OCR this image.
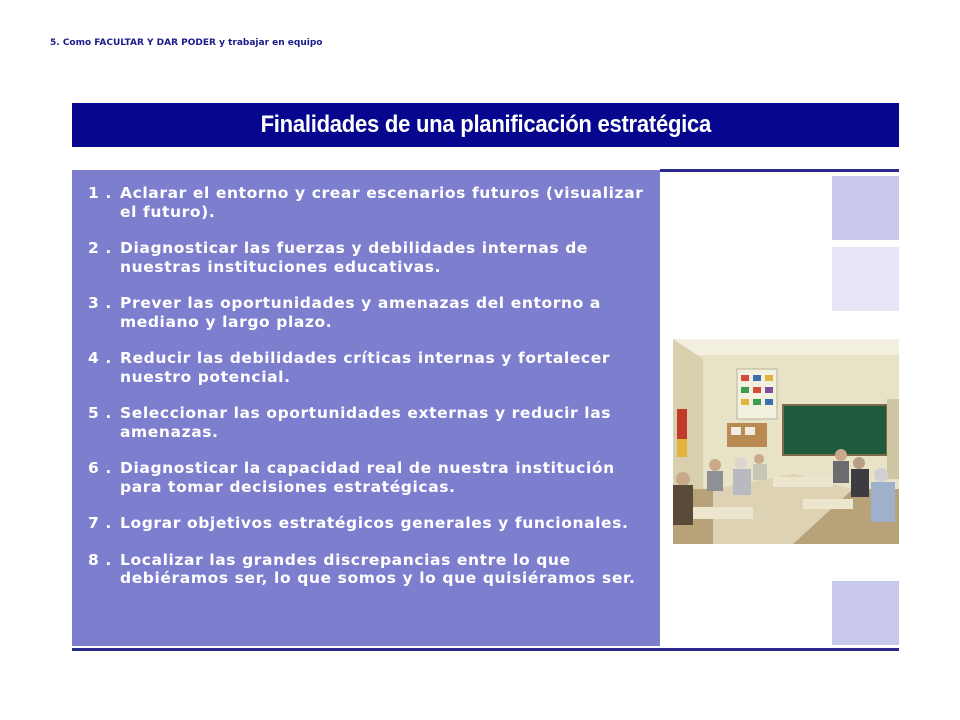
5. Como FACULTAR Y DAR PODER y trabajar en equipo
Finalidades de una planificación estratégica
1 . Aclarar el entorno y crear escenarios futuros (visualizar el futuro).
2 . Diagnosticar las fuerzas y debilidades internas de nuestras instituciones educativas.
3 . Prever las oportunidades y amenazas del entorno a mediano y largo plazo.
4 . Reducir las debilidades críticas internas y fortalecer nuestro potencial.
5 . Seleccionar las oportunidades externas y reducir las amenazas.
6 . Diagnosticar la capacidad real de nuestra institución para tomar decisiones estratégicas.
7 . Lograr objetivos estratégicos generales y funcionales.
8 . Localizar las grandes discrepancias entre lo que debiéramos ser, lo que somos y lo que quisiéramos ser.
